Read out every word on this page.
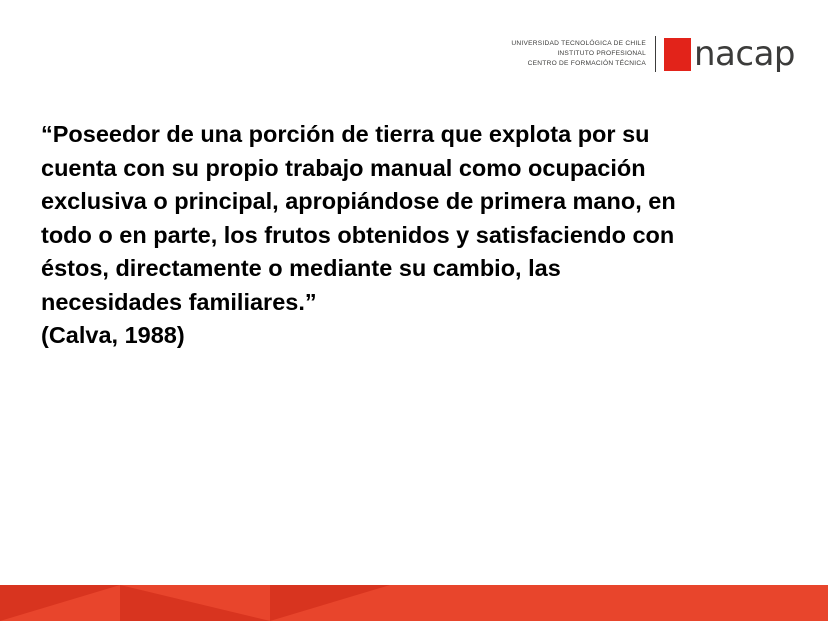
UNIVERSIDAD TECNOLÓGICA DE CHILE
INSTITUTO PROFESIONAL
CENTRO DE FORMACIÓN TÉCNICA nacap

“Poseedor de una porción de tierra que explota por su

cuenta con su propio trabajo manual como ocupación

exclusiva o principal, apropiándose de primera mano, en

todo o en parte, los frutos obtenidos y satisfaciendo con

éstos, directamente o mediante su cambio, las

necesidades familiares.”

(Calva, 1988)
